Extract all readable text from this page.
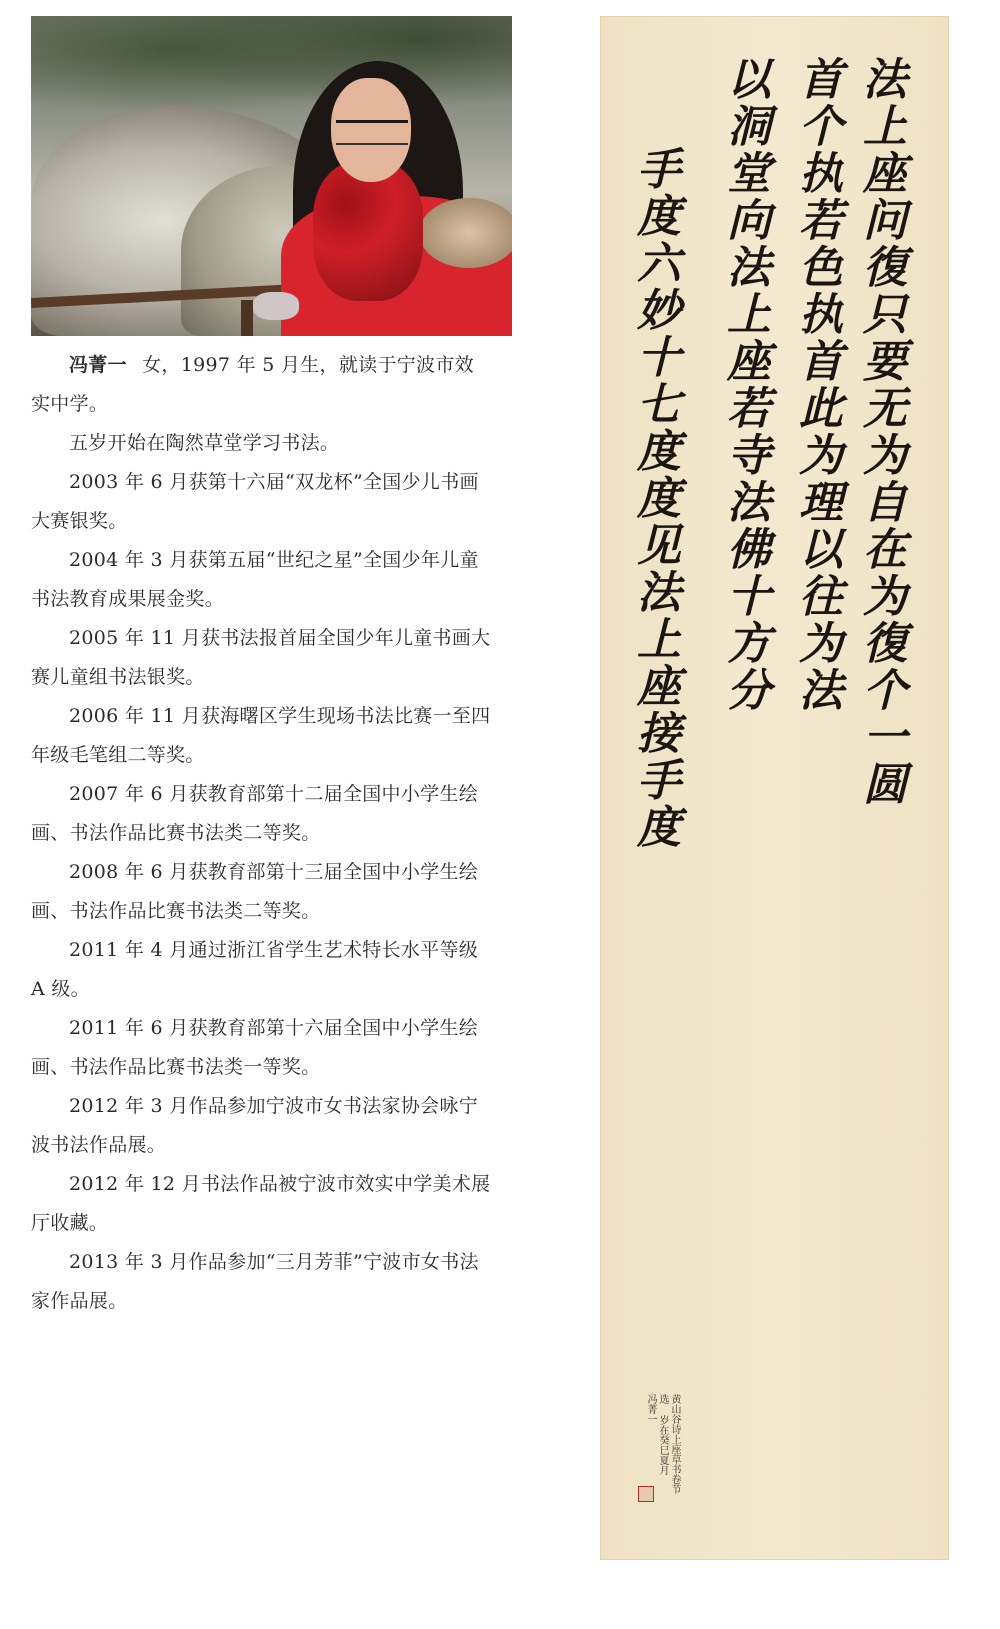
冯菁一 女，1997 年 5 月生，就读于宁波市效实中学。

五岁开始在陶然草堂学习书法。

2003 年 6 月获第十六届“双龙杯”全国少儿书画大赛银奖。

2004 年 3 月获第五届“世纪之星”全国少年儿童书法教育成果展金奖。

2005 年 11 月获书法报首届全国少年儿童书画大赛儿童组书法银奖。

2006 年 11 月获海曙区学生现场书法比赛一至四年级毛笔组二等奖。

2007 年 6 月获教育部第十二届全国中小学生绘画、书法作品比赛书法类二等奖。

2008 年 6 月获教育部第十三届全国中小学生绘画、书法作品比赛书法类二等奖。

2011 年 4 月通过浙江省学生艺术特长水平等级 A 级。

2011 年 6 月获教育部第十六届全国中小学生绘画、书法作品比赛书法类一等奖。

2012 年 3 月作品参加宁波市女书法家协会咏宁波书法作品展。

2012 年 12 月书法作品被宁波市效实中学美术展厅收藏。

2013 年 3 月作品参加“三月芳菲”宁波市女书法家作品展。

法上座问復只要无为自在为復个一圆
首个执若色执首此为理以往为法
以洞堂向法上座若寺法佛十方分
手度六妙十七度度见法上座接手度
黄山谷诗上座草书卷节选 岁在癸巳夏月 冯菁一
